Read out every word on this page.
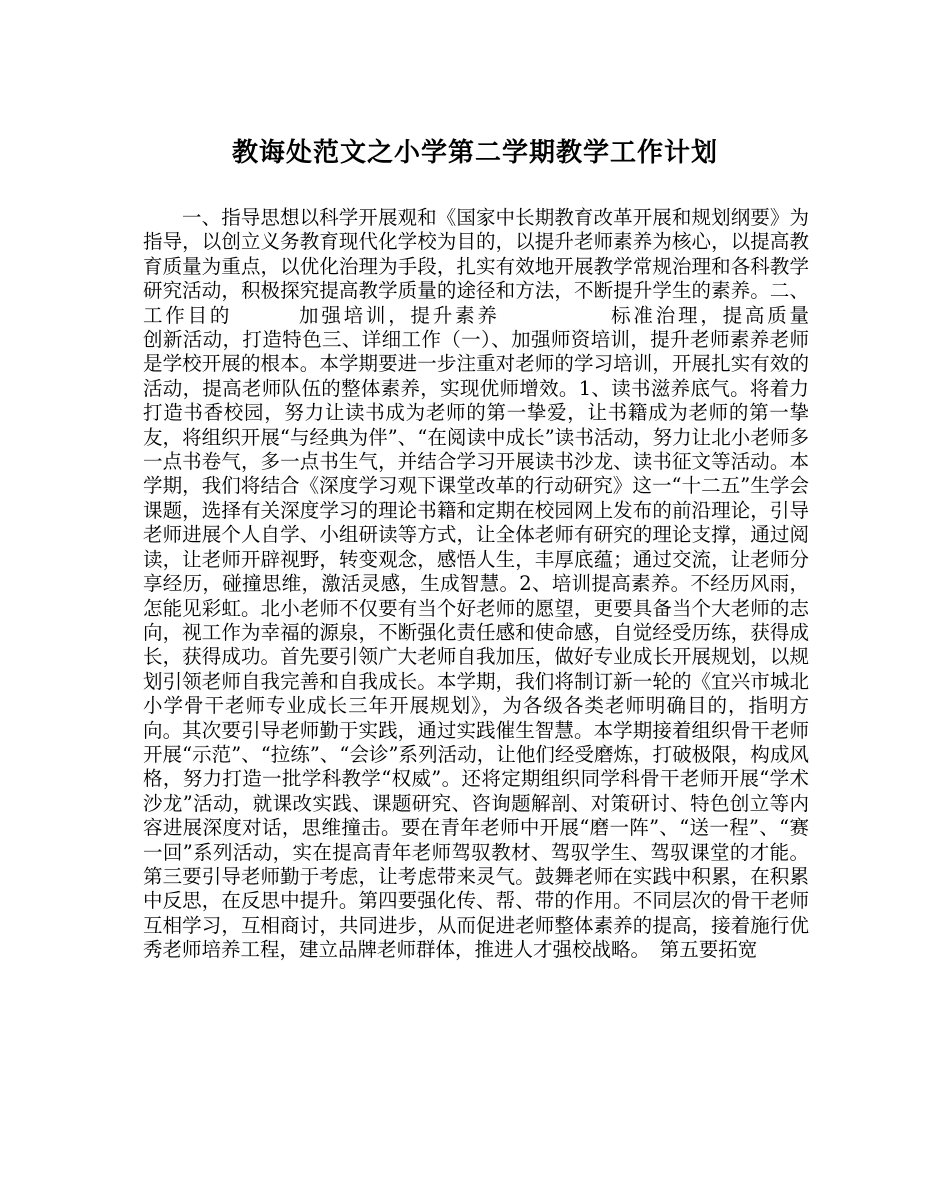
教诲处范文之小学第二学期教学工作计划

一、指导思想以科学开展观和《国家中长期教育改革开展和规划纲要》为指导，以创立义务教育现代化学校为目的，以提升老师素养为核心，以提高教育质量为重点，以优化治理为手段，扎实有效地开展教学常规治理和各科教学研究活动，积极探究提高教学质量的途径和方法，不断提升学生的素养。二、工作目的　　　加强培训，提升素养　　　　　标准治理，提高质量　　　　创新活动，打造特色三、详细工作（一）、加强师资培训，提升老师素养老师是学校开展的根本。本学期要进一步注重对老师的学习培训，开展扎实有效的活动，提高老师队伍的整体素养，实现优师增效。1、读书滋养底气。将着力打造书香校园，努力让读书成为老师的第一挚爱，让书籍成为老师的第一挚友，将组织开展“与经典为伴”、“在阅读中成长”读书活动，努力让北小老师多一点书卷气，多一点书生气，并结合学习开展读书沙龙、读书征文等活动。本学期，我们将结合《深度学习观下课堂改革的行动研究》这一“十二五”生学会课题，选择有关深度学习的理论书籍和定期在校园网上发布的前沿理论，引导老师进展个人自学、小组研读等方式，让全体老师有研究的理论支撑，通过阅读，让老师开辟视野，转变观念，感悟人生，丰厚底蕴；通过交流，让老师分享经历，碰撞思维，激活灵感，生成智慧。2、培训提高素养。不经历风雨，怎能见彩虹。北小老师不仅要有当个好老师的愿望，更要具备当个大老师的志向，视工作为幸福的源泉，不断强化责任感和使命感，自觉经受历练，获得成长，获得成功。首先要引领广大老师自我加压，做好专业成长开展规划，以规划引领老师自我完善和自我成长。本学期，我们将制订新一轮的《宜兴市城北小学骨干老师专业成长三年开展规划》，为各级各类老师明确目的，指明方向。其次要引导老师勤于实践，通过实践催生智慧。本学期接着组织骨干老师开展“示范”、“拉练”、“会诊”系列活动，让他们经受磨炼，打破极限，构成风格，努力打造一批学科教学“权威”。还将定期组织同学科骨干老师开展“学术沙龙”活动，就课改实践、课题研究、咨询题解剖、对策研讨、特色创立等内容进展深度对话，思维撞击。要在青年老师中开展“磨一阵”、“送一程”、“赛一回”系列活动，实在提高青年老师驾驭教材、驾驭学生、驾驭课堂的才能。第三要引导老师勤于考虑，让考虑带来灵气。鼓舞老师在实践中积累，在积累中反思，在反思中提升。第四要强化传、帮、带的作用。不同层次的骨干老师互相学习，互相商讨，共同进步，从而促进老师整体素养的提高，接着施行优秀老师培养工程，建立品牌老师群体，推进人才强校战略。　第五要拓宽
